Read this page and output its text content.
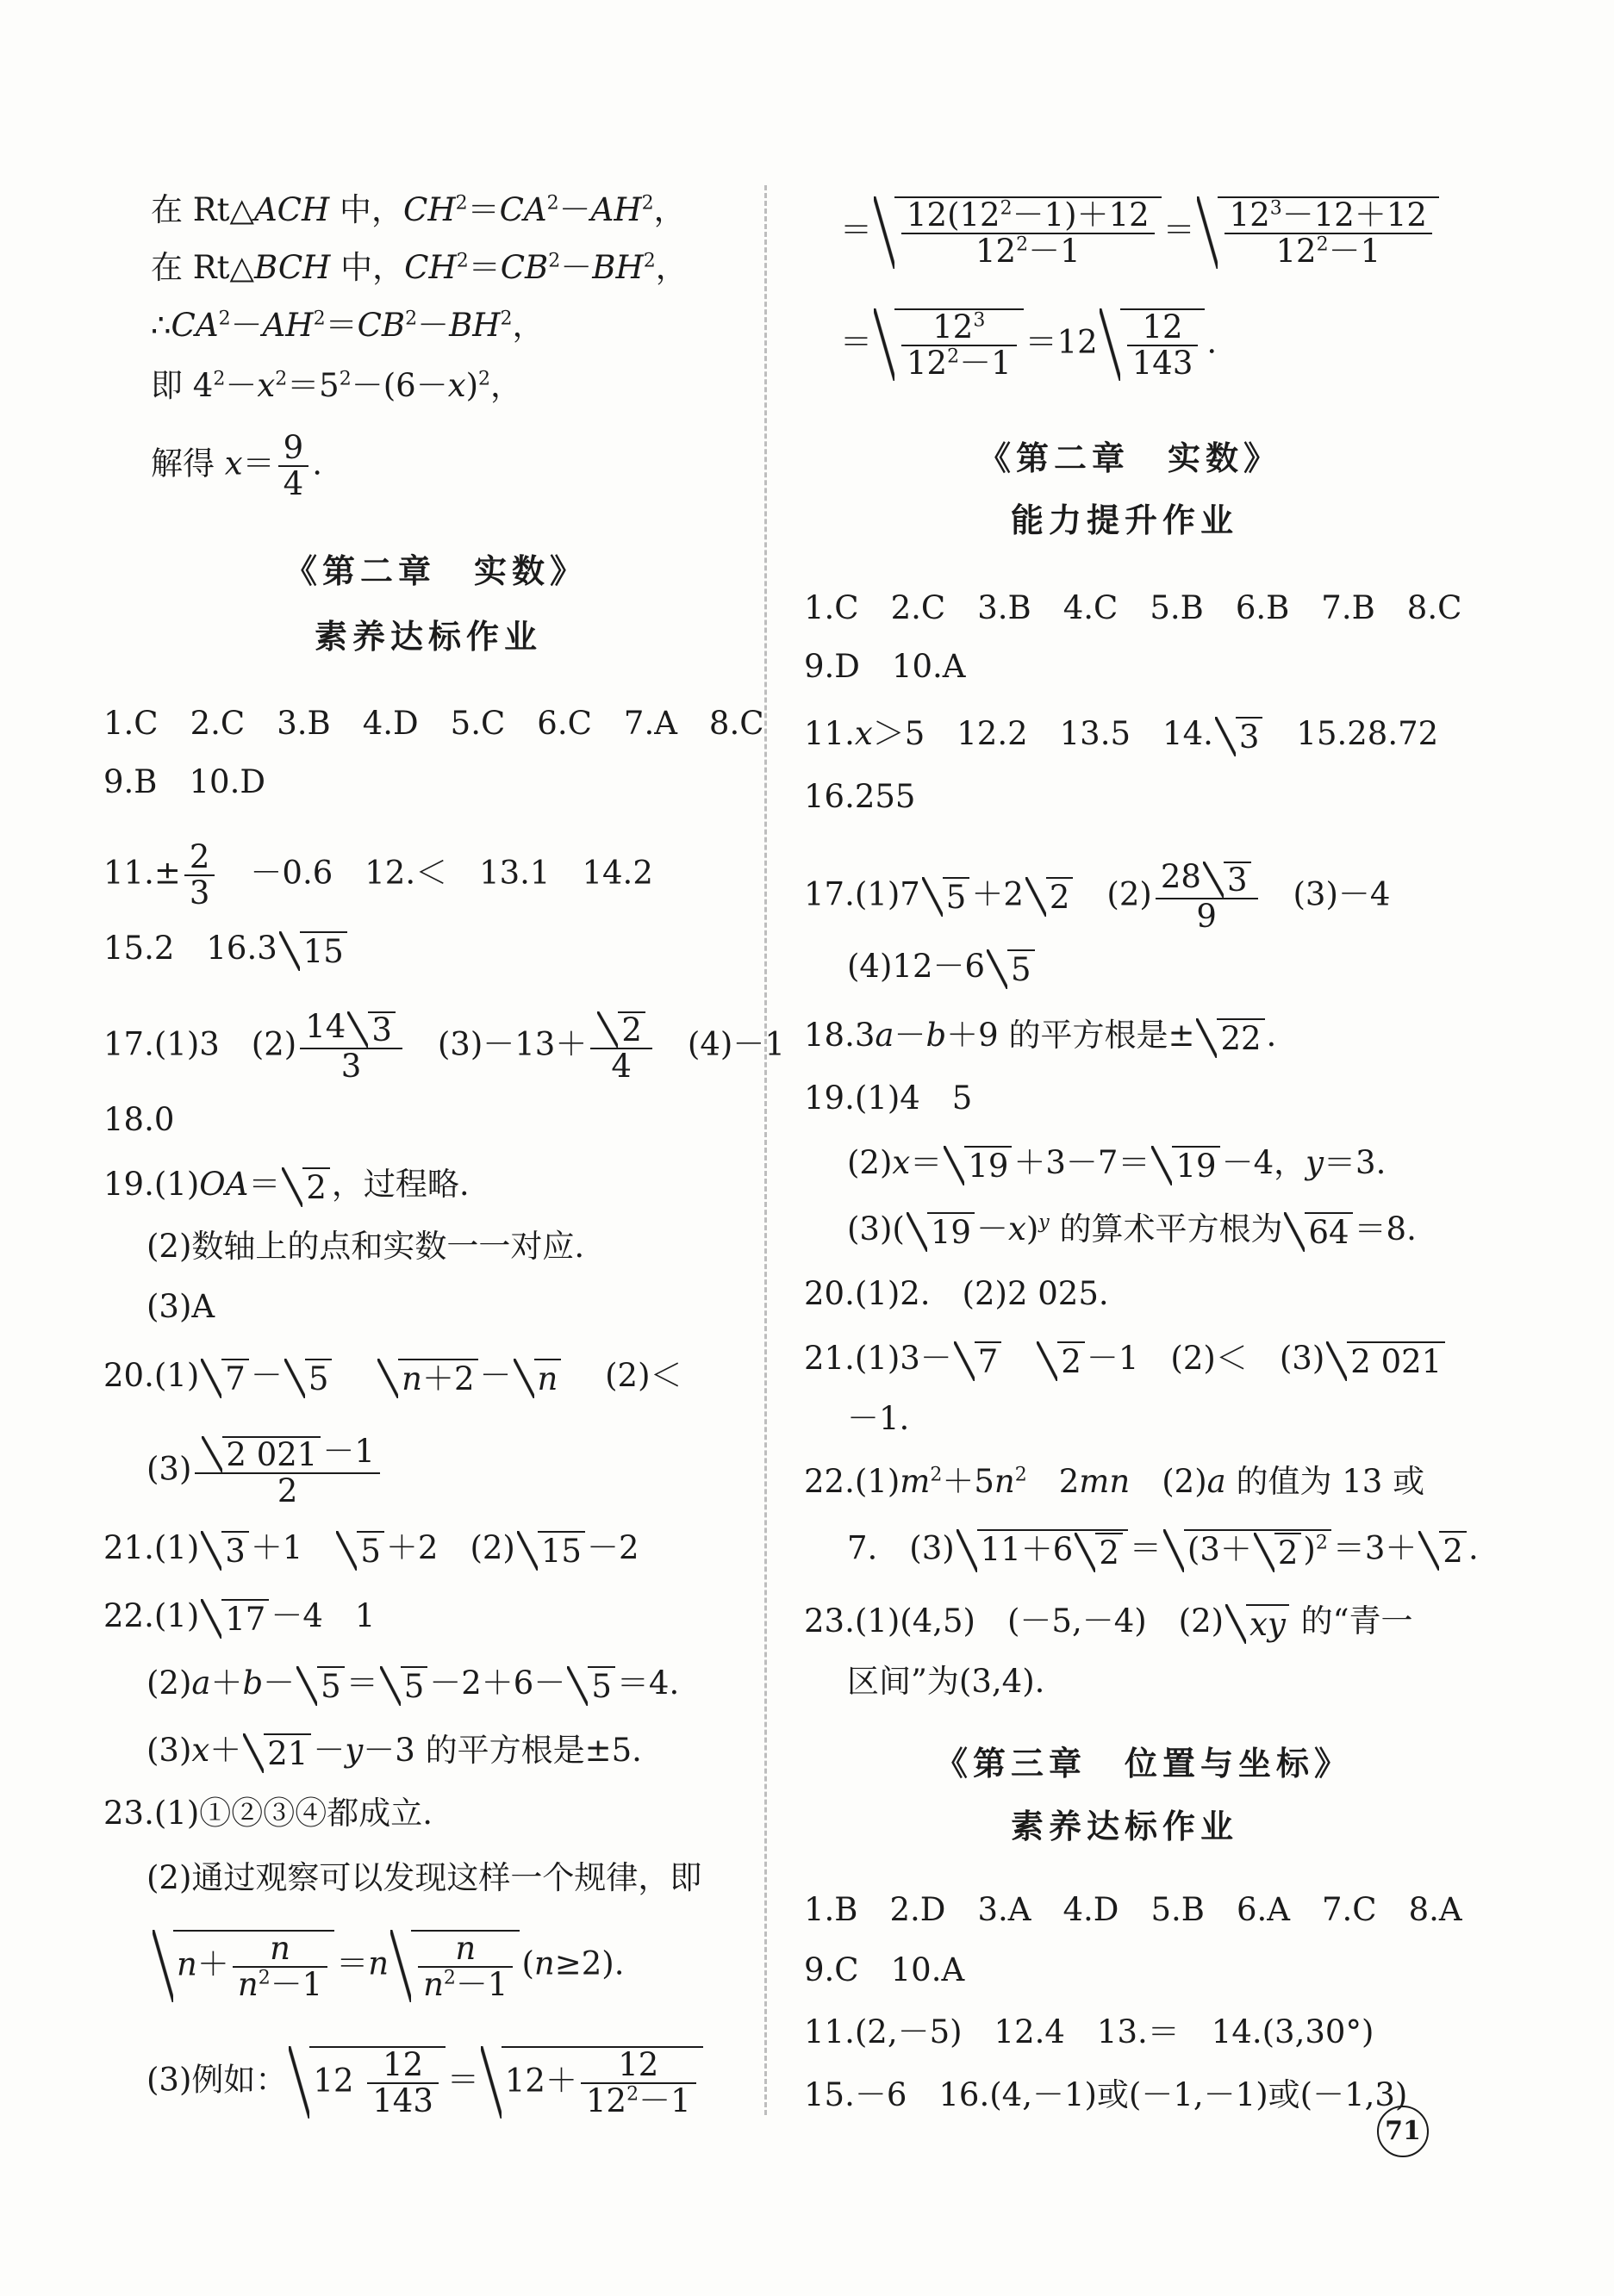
在 Rt△ACH 中，$CH^2=CA^2-AH^2$，
在 Rt△BCH 中，$CH^2=CB^2-BH^2$，
$\therefore CA^2-AH^2=CB^2-BH^2$，
即 $4^2-x^2=5^2-(6-x)^2$，
解得 $x= \frac{9}{4}$ .
《第二章　实数》
素养达标作业
1.C　2.C　3.B　4.D　5.C　6.C　7.A　8.C
9.B　10.D
$11.\pm \frac{2}{3}$ 　－0.6　12.＜　13.1　14.2
15.2　16.3 15
17.(1)3　$(2) \frac{14 3}{3}$ 　$(3)-13+ \frac{2}{4}$ 　(4)－1
18.0
19.(1)OA＝ 2 ，过程略.
(2)数轴上的点和实数一一对应.
(3)A
20.(1) 7 － 5　 n＋2 － n　 (2)＜
$(3) \frac{2 021 -1}{2}$
21.(1) 3 ＋1　5 ＋2　(2) 15 －2
22.(1) 17 －4　1
(2)a＋b－ 5 ＝ 5 －2＋6－ 5 ＝4.
(3)x＋ 21 －y－3 的平方根是±5.
23.(1)①②③④都成立.
(2)通过观察可以发现这样一个规律，即
$n+ \frac{n}{n^2-1} =n \frac{n}{n^2-1} (n\ge 2)$.
(3)例如： $12 \frac{12}{143} = 12+ \frac{12}{12^2-1}$
＝ $\frac{12(12^2-1)+12}{12^2-1} = \frac{12^3-12+12}{12^2-1}$
＝ $\frac{12^3}{12^2-1} =12 \frac{12}{143}$ .
《第二章　实数》
能力提升作业
1.C　2.C　3.B　4.C　5.B　6.B　7.B　8.C
9.D　10.A
11.x＞5　12.2　13.5　14. 3　15.28.72
16.255
17.(1)7 5 ＋2 2　$(2) \frac{28 3}{9}$ 　(3)－4
(4)12－6 5
18.3a－b＋9 的平方根是± 22 .
19.(1)4　5
(2)x＝ 19 ＋3－7＝ 19 －4，y＝3.
(3)( 19 －x)$^y$ 的算术平方根为 64 ＝8.
20.(1)2.　(2)2 025.
21.(1)3－ 7　 2 －1　(2)＜　(3) 2 021
－1.
$22.(1)m^2+5n^2$　2mn　(2)a 的值为 13 或
7.　(3) 11＋6 2 ＝ (3＋ 2 )$^2$ ＝3＋ 2 .
23.(1)(4,5)　(－5,－4)　(2) xy 的“青一
区间”为(3,4).
《第三章　位置与坐标》
素养达标作业
1.B　2.D　3.A　4.D　5.B　6.A　7.C　8.A
9.C　10.A
11.(2,－5)　12.4　13.＝　14.(3,30°)
15.－6　16.(4,－1)或(－1,－1)或(－1,3)
71
